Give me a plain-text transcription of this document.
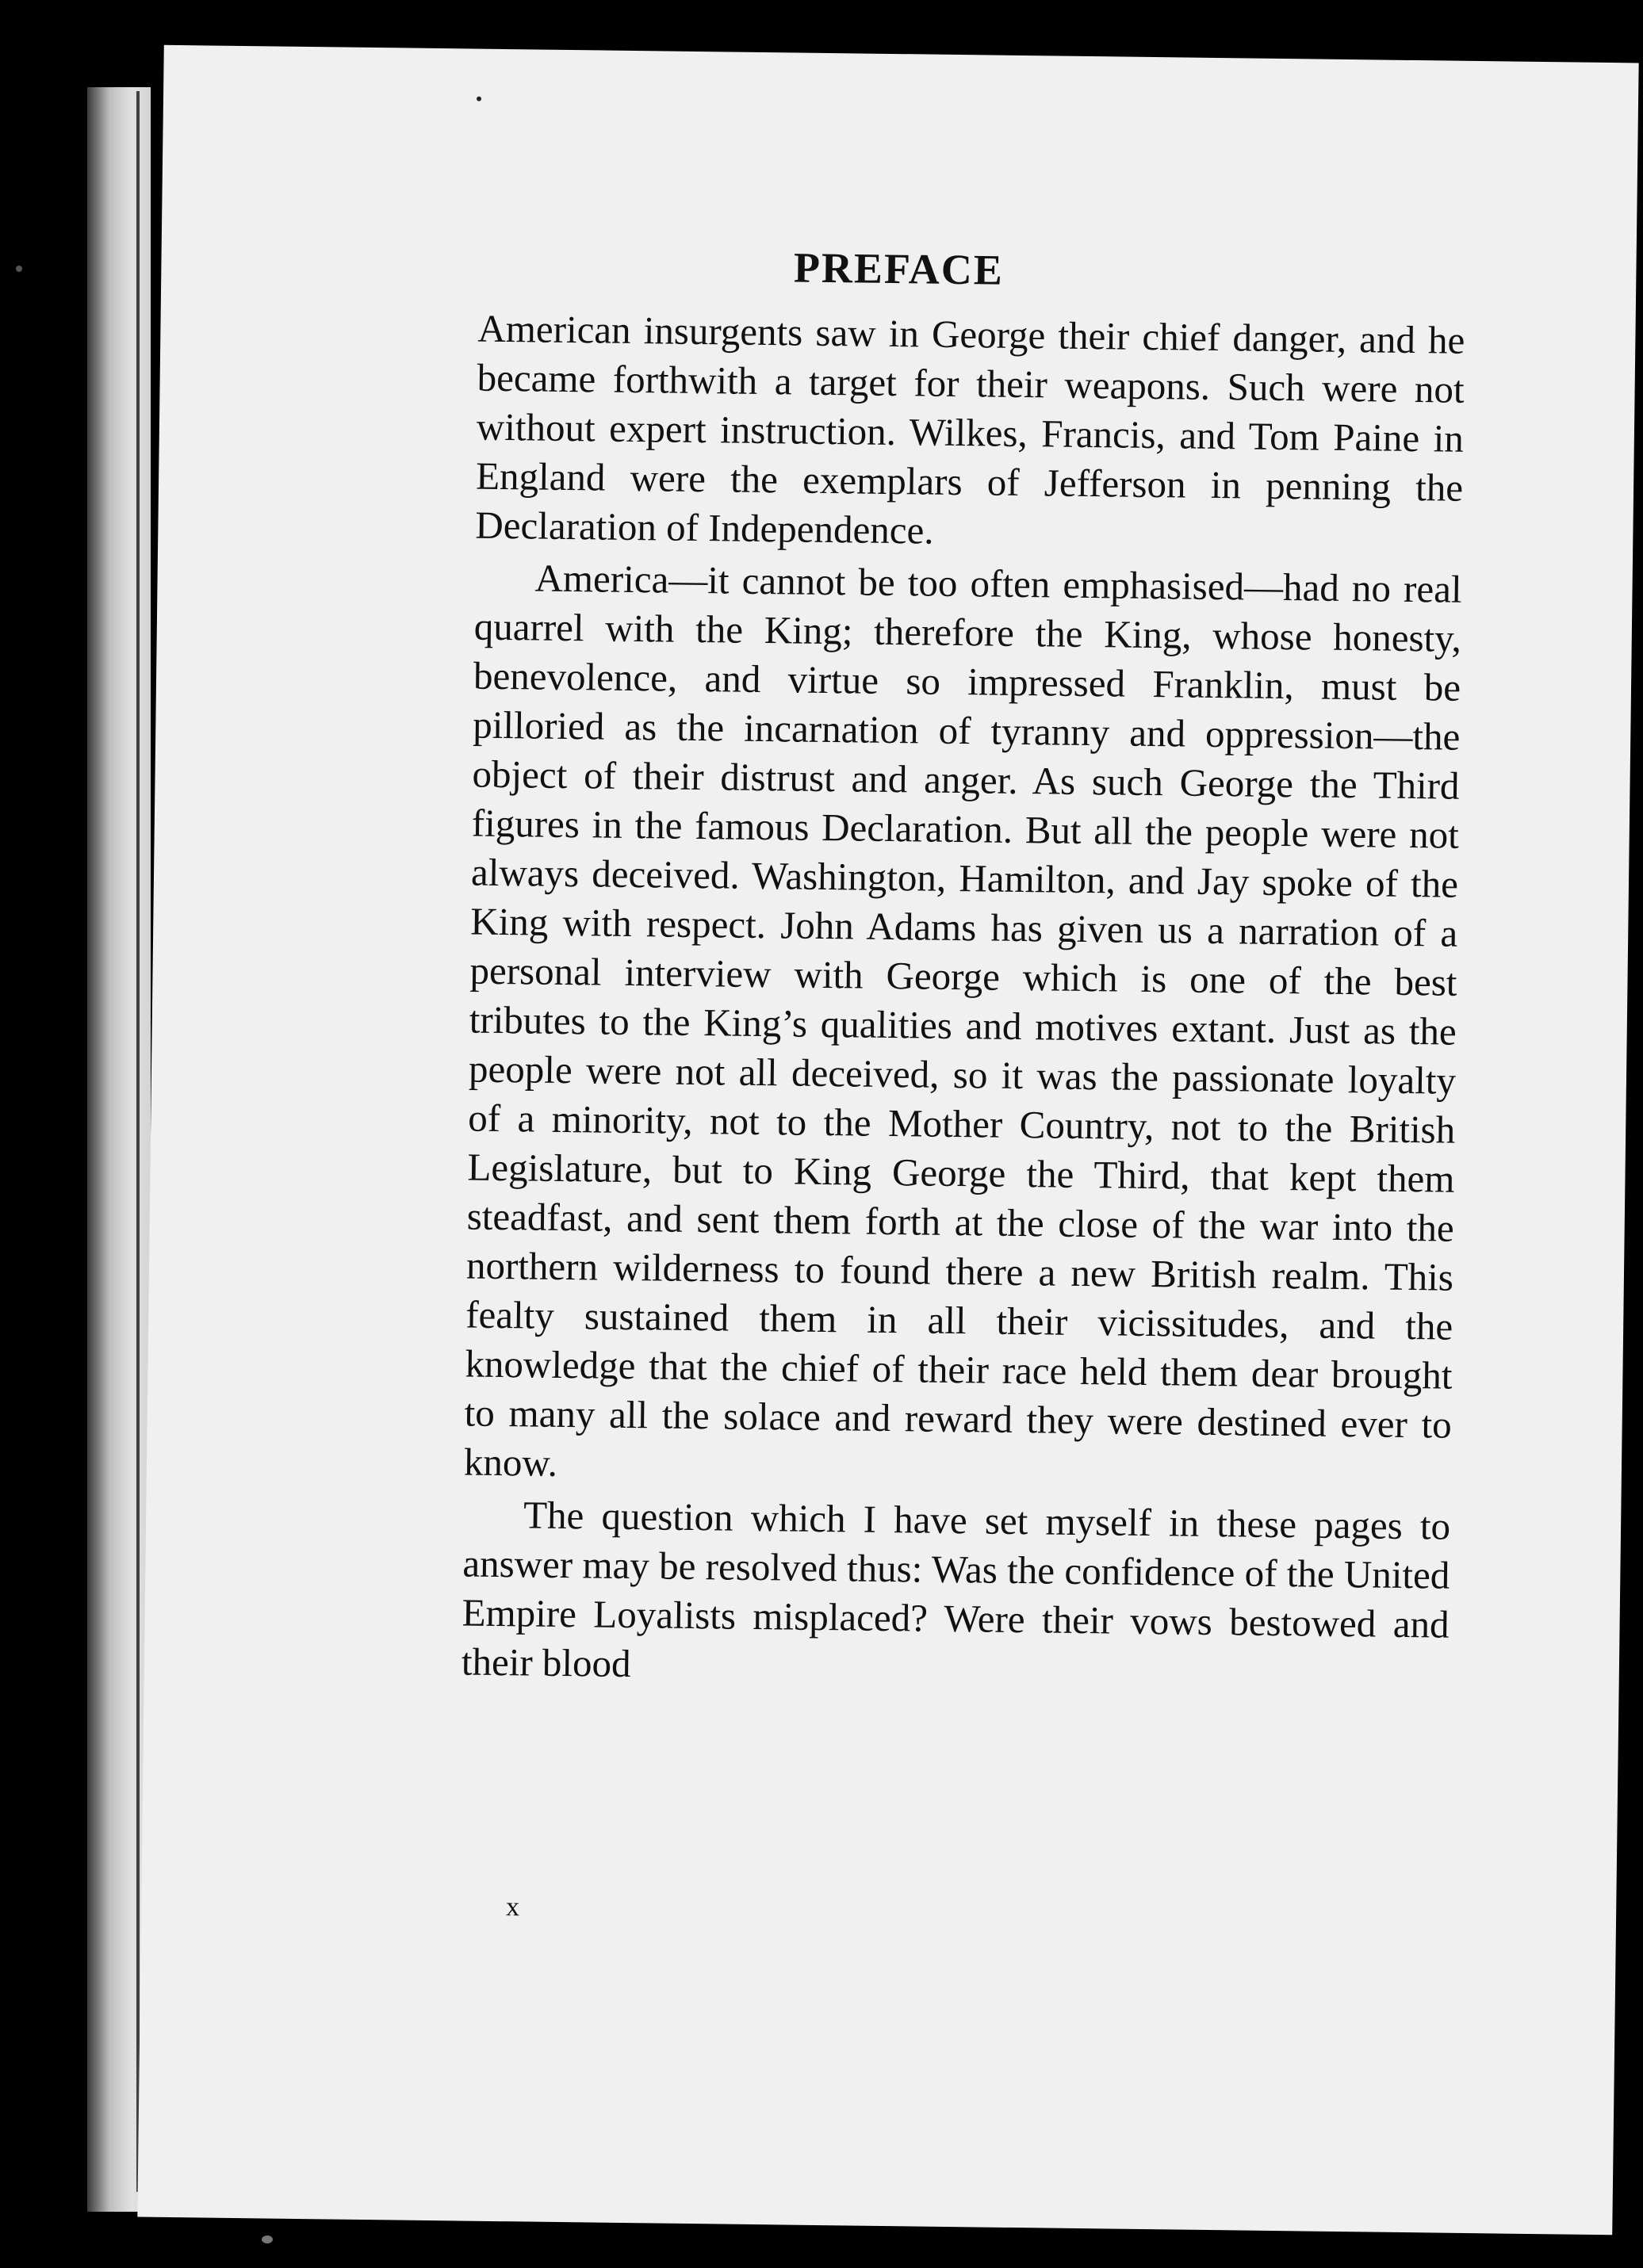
PREFACE

American insurgents saw in George their chief danger, and he became forthwith a target for their weapons. Such were not without expert instruction. Wilkes, Francis, and Tom Paine in England were the exemplars of Jefferson in penning the Declaration of Independence.

America—it cannot be too often emphasised—had no real quarrel with the King; therefore the King, whose honesty, benevolence, and virtue so impressed Franklin, must be pilloried as the incarnation of tyranny and oppression—the object of their distrust and anger. As such George the Third figures in the famous Declaration. But all the people were not always deceived. Washington, Hamilton, and Jay spoke of the King with respect. John Adams has given us a narration of a personal interview with George which is one of the best tributes to the King’s qualities and motives extant. Just as the people were not all deceived, so it was the passionate loyalty of a minority, not to the Mother Country, not to the British Legislature, but to King George the Third, that kept them steadfast, and sent them forth at the close of the war into the northern wilderness to found there a new British realm. This fealty sustained them in all their vicissitudes, and the knowledge that the chief of their race held them dear brought to many all the solace and reward they were destined ever to know.

The question which I have set myself in these pages to answer may be resolved thus: Was the confidence of the United Empire Loyalists misplaced? Were their vows bestowed and their blood

x
